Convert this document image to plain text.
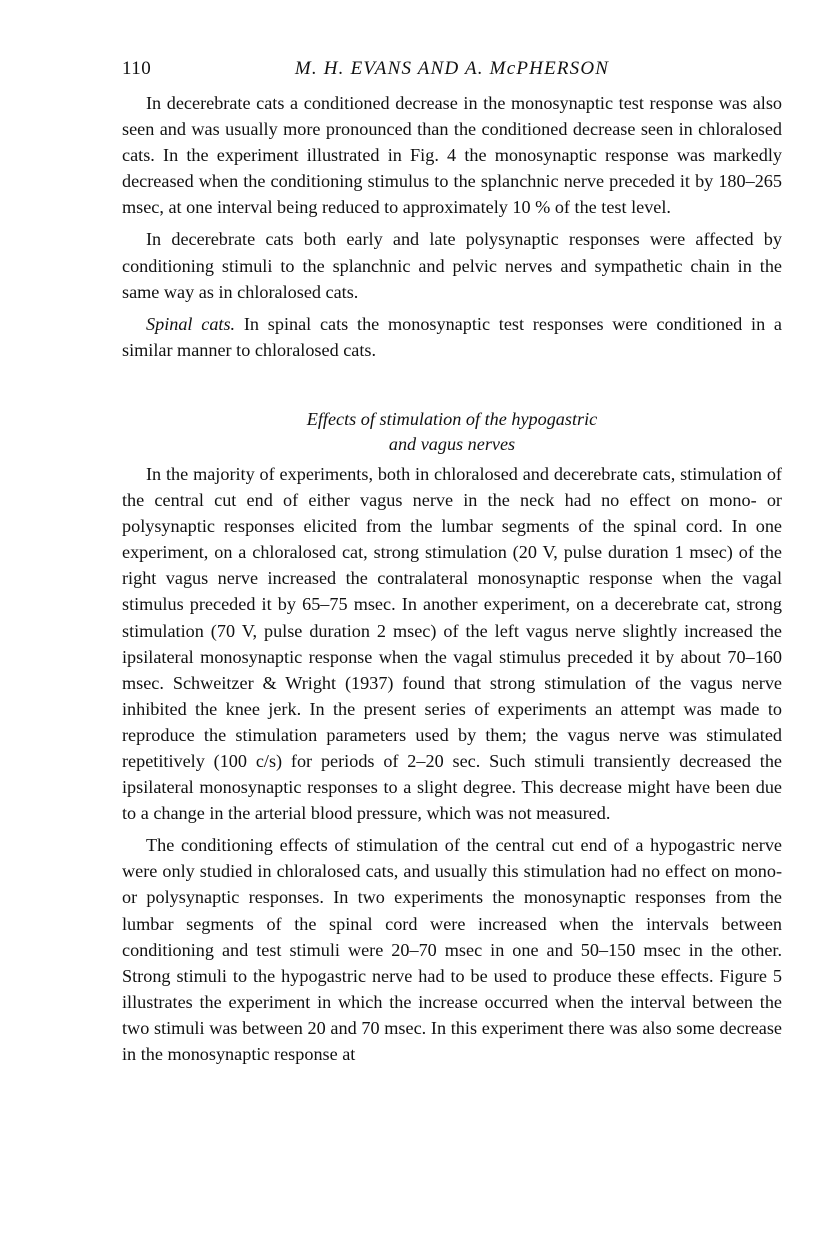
110	M. H. EVANS AND A. McPHERSON

In decerebrate cats a conditioned decrease in the monosynaptic test response was also seen and was usually more pronounced than the conditioned decrease seen in chloralosed cats. In the experiment illustrated in Fig. 4 the monosynaptic response was markedly decreased when the conditioning stimulus to the splanchnic nerve preceded it by 180–265 msec, at one interval being reduced to approximately 10 % of the test level.

In decerebrate cats both early and late polysynaptic responses were affected by conditioning stimuli to the splanchnic and pelvic nerves and sympathetic chain in the same way as in chloralosed cats.

Spinal cats. In spinal cats the monosynaptic test responses were conditioned in a similar manner to chloralosed cats.

Effects of stimulation of the hypogastric
and vagus nerves

In the majority of experiments, both in chloralosed and decerebrate cats, stimulation of the central cut end of either vagus nerve in the neck had no effect on mono- or polysynaptic responses elicited from the lumbar segments of the spinal cord. In one experiment, on a chloralosed cat, strong stimulation (20 V, pulse duration 1 msec) of the right vagus nerve increased the contralateral monosynaptic response when the vagal stimulus preceded it by 65–75 msec. In another experiment, on a decerebrate cat, strong stimulation (70 V, pulse duration 2 msec) of the left vagus nerve slightly increased the ipsilateral monosynaptic response when the vagal stimulus preceded it by about 70–160 msec. Schweitzer & Wright (1937) found that strong stimulation of the vagus nerve inhibited the knee jerk. In the present series of experiments an attempt was made to reproduce the stimulation parameters used by them; the vagus nerve was stimulated repetitively (100 c/s) for periods of 2–20 sec. Such stimuli transiently decreased the ipsilateral monosynaptic responses to a slight degree. This decrease might have been due to a change in the arterial blood pressure, which was not measured.

The conditioning effects of stimulation of the central cut end of a hypogastric nerve were only studied in chloralosed cats, and usually this stimulation had no effect on mono- or polysynaptic responses. In two experiments the monosynaptic responses from the lumbar segments of the spinal cord were increased when the intervals between conditioning and test stimuli were 20–70 msec in one and 50–150 msec in the other. Strong stimuli to the hypogastric nerve had to be used to produce these effects. Figure 5 illustrates the experiment in which the increase occurred when the interval between the two stimuli was between 20 and 70 msec. In this experiment there was also some decrease in the monosynaptic response at
